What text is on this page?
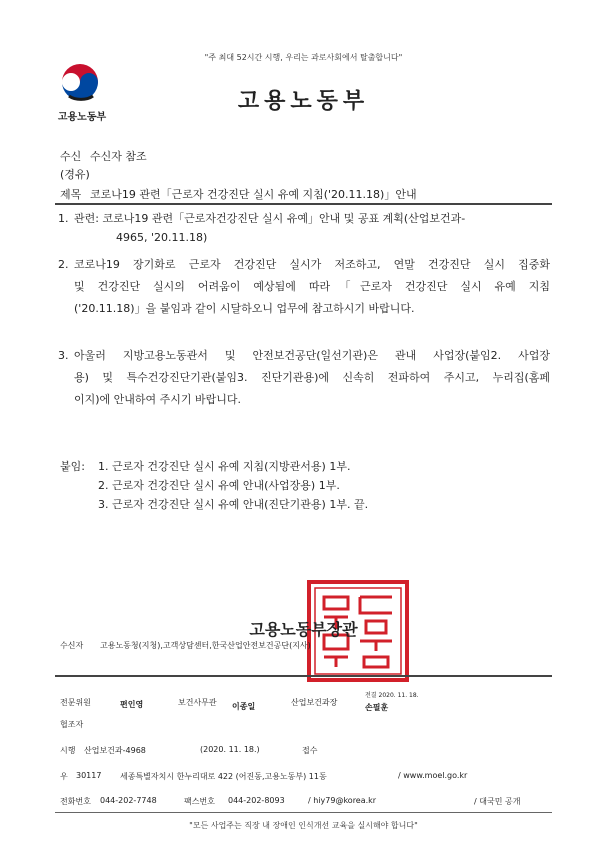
"주 최대 52시간 시행, 우리는 과로사회에서 탈출합니다"
고용노동부
고용노동부
수신 수신자 참조
(경유)
제목 코로나19 관련「근로자 건강진단 실시 유예 지침('20.11.18)」안내
1. 관련: 코로나19 관련「근로자건강진단 실시 유예」안내 및 공표 계획(산업보건과-
4965, '20.11.18)
2. 코로나19 장기화로 근로자 건강진단 실시가 저조하고, 연말 건강진단 실시 집중화

및 건강진단 실시의 어려움이 예상됨에 따라「근로자 건강진단 실시 유예 지침

('20.11.18)」을 붙임과 같이 시달하오니 업무에 참고하시기 바랍니다.

3. 아울러 지방고용노동관서 및 안전보건공단(일선기관)은 관내 사업장(붙임2. 사업장

용) 및 특수건강진단기관(붙임3. 진단기관용)에 신속히 전파하여 주시고, 누리집(홈페

이지)에 안내하여 주시기 바랍니다.

붙임: 1. 근로자 건강진단 실시 유예 지침(지방관서용) 1부.
2. 근로자 건강진단 실시 유예 안내(사업장용) 1부.
3. 근로자 건강진단 실시 유예 안내(진단기관용) 1부. 끝.
고용노동부장관
수신자 고용노동청(지청),고객상담센터,한국산업안전보건공단(지사)
전문위원	편인영	보건사무관 이종일	산업보건과장
전결 2020. 11. 18.
손필훈
협조자
시행 산업보건과-4968	(2020. 11. 18.)	접수
우 30117 세종특별자치시 한누리대로 422 (어진동,고용노동부) 11동	/ www.moel.go.kr
전화번호 044-202-7748	팩스번호 044-202-8093	/ hiy79@korea.kr	/ 대국민 공개
"모든 사업주는 직장 내 장애인 인식개선 교육을 실시해야 합니다"
